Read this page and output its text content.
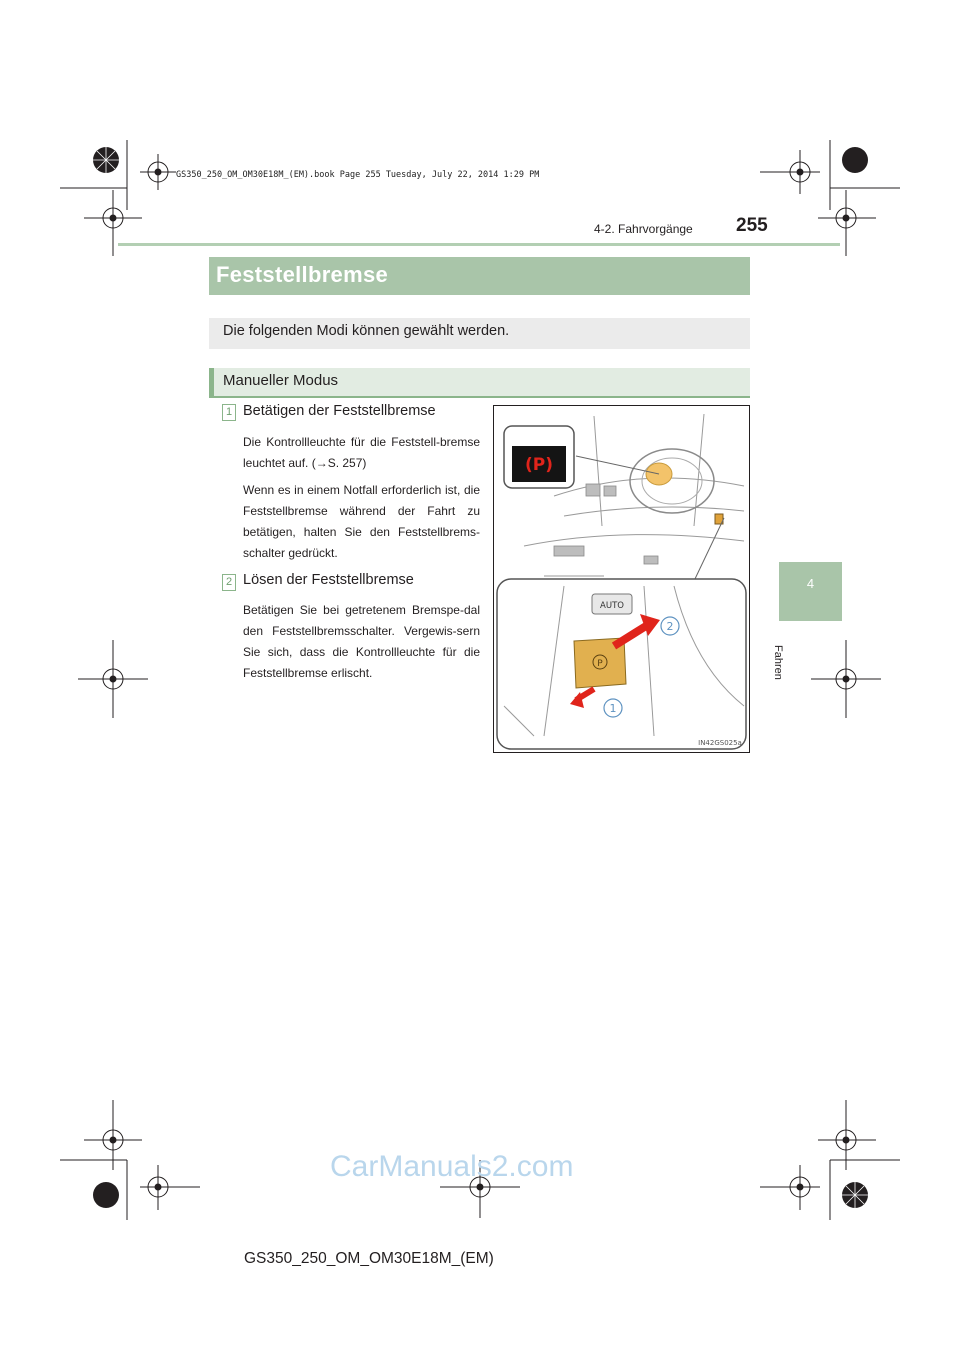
GS350_250_OM_OM30E18M_(EM).book Page 255 Tuesday, July 22, 2014 1:29 PM
4-2. Fahrvorgänge 255
Feststellbremse
Die folgenden Modi können gewählt werden.
Manueller Modus
1 Betätigen der Feststellbremse
Die Kontrollleuchte für die Feststell-bremse leuchtet auf. (→S. 257)
Wenn es in einem Notfall erforderlich ist, die Feststellbremse während der Fahrt zu betätigen, halten Sie den Feststellbrems-schalter gedrückt.
2 Lösen der Feststellbremse
Betätigen Sie bei getretenem Bremspe-dal den Feststellbremsschalter. Vergewis-sern Sie sich, dass die Kontrollleuchte für die Feststellbremse erlischt.
(P)
AUTO
P
2
1
IN42GS025a
4
Fahren
CarManuals2.com
GS350_250_OM_OM30E18M_(EM)
